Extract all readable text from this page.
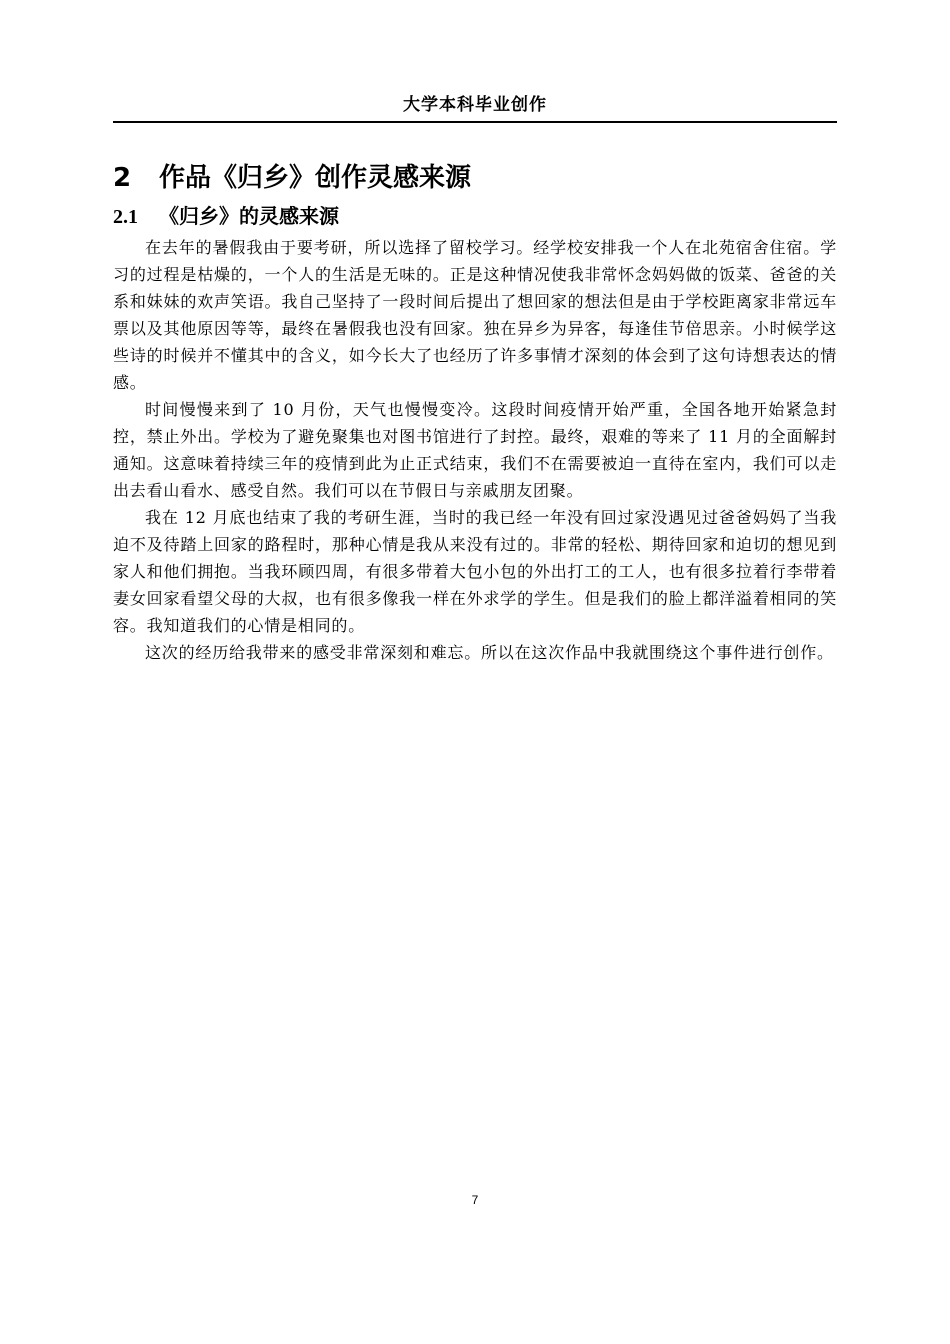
大学本科毕业创作
2 作品《归乡》创作灵感来源
2.1 《归乡》的灵感来源

在去年的暑假我由于要考研，所以选择了留校学习。经学校安排我一个人在北苑宿舍住宿。学习的过程是枯燥的，一个人的生活是无味的。正是这种情况使我非常怀念妈妈做的饭菜、爸爸的关系和妹妹的欢声笑语。我自己坚持了一段时间后提出了想回家的想法但是由于学校距离家非常远车票以及其他原因等等，最终在暑假我也没有回家。独在异乡为异客，每逢佳节倍思亲。小时候学这些诗的时候并不懂其中的含义，如今长大了也经历了许多事情才深刻的体会到了这句诗想表达的情感。

时间慢慢来到了 10 月份，天气也慢慢变冷。这段时间疫情开始严重，全国各地开始紧急封控，禁止外出。学校为了避免聚集也对图书馆进行了封控。最终，艰难的等来了 11 月的全面解封通知。这意味着持续三年的疫情到此为止正式结束，我们不在需要被迫一直待在室内，我们可以走出去看山看水、感受自然。我们可以在节假日与亲戚朋友团聚。

我在 12 月底也结束了我的考研生涯，当时的我已经一年没有回过家没遇见过爸爸妈妈了当我迫不及待踏上回家的路程时，那种心情是我从来没有过的。非常的轻松、期待回家和迫切的想见到家人和他们拥抱。当我环顾四周，有很多带着大包小包的外出打工的工人，也有很多拉着行李带着妻女回家看望父母的大叔，也有很多像我一样在外求学的学生。但是我们的脸上都洋溢着相同的笑容。我知道我们的心情是相同的。

这次的经历给我带来的感受非常深刻和难忘。所以在这次作品中我就围绕这个事件进行创作。

7
